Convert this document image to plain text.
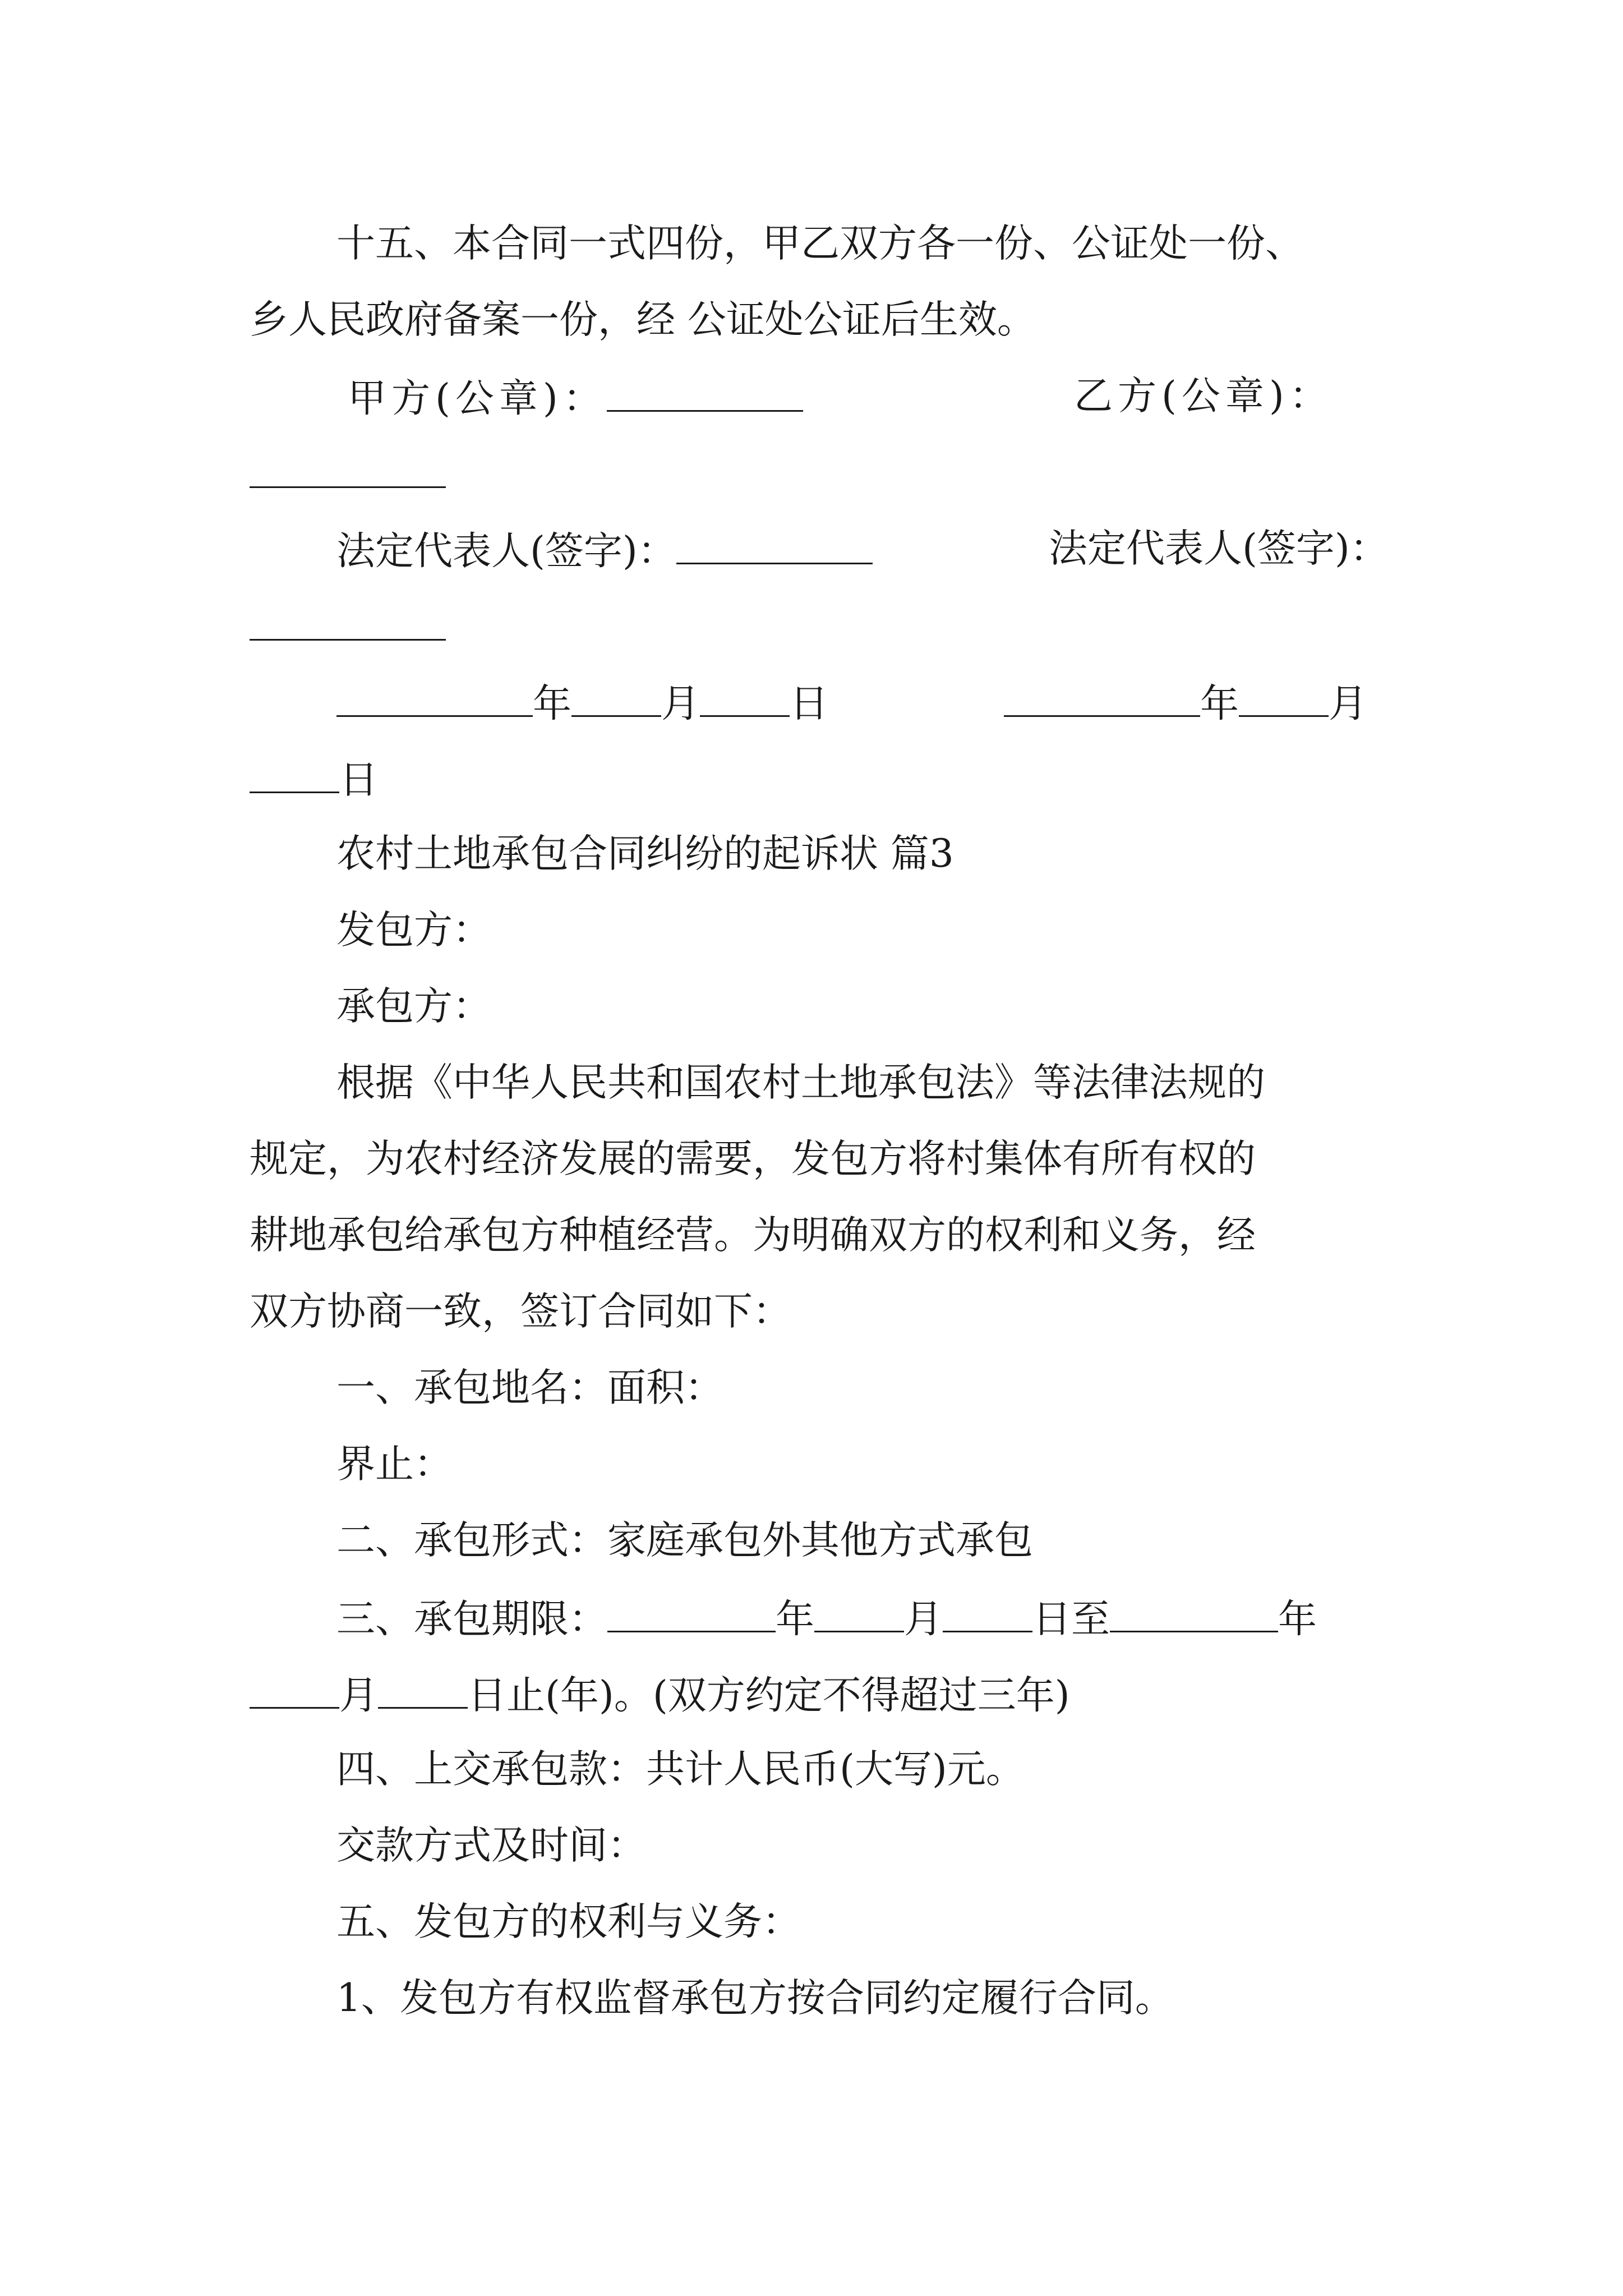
十五、本合同一式四份，甲乙双方各一份、公证处一份、
乡人民政府备案一份，经 公证处公证后生效。
甲方(公章)：	乙方(公章)：
法定代表人(签字)：	法定代表人(签字)：
年 月 日	年 月
日
农村土地承包合同纠纷的起诉状 篇3
发包方：
承包方：
根据《中华人民共和国农村土地承包法》等法律法规的
规定，为农村经济发展的需要，发包方将村集体有所有权的
耕地承包给承包方种植经营。为明确双方的权利和义务，经
双方协商一致，签订合同如下：
一、承包地名：面积：
界止：
二、承包形式：家庭承包外其他方式承包
三、承包期限：	年 月 日至	年
月 日止(年)。(双方约定不得超过三年)
四、上交承包款：共计人民币(大写)元。
交款方式及时间：
五、发包方的权利与义务：
1、发包方有权监督承包方按合同约定履行合同。
